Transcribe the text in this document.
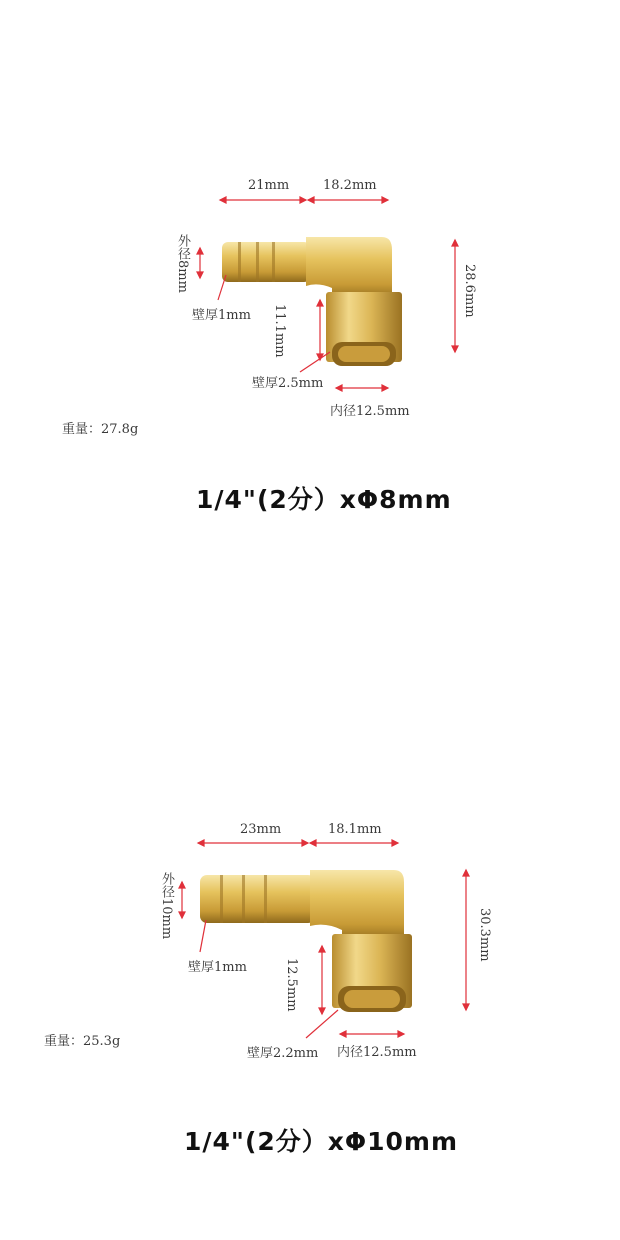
21mm	18.2mm
28.6mm
外径8mm
壁厚1mm 11.1mm
壁厚2.5mm
内径12.5mm
重量：27.8g
1/4"(2分）xΦ8mm
23mm	18.1mm
30.3mm
外径10mm
壁厚1mm	12.5mm
壁厚2.2mm 内径12.5mm
重量：25.3g
1/4"(2分）xΦ10mm
